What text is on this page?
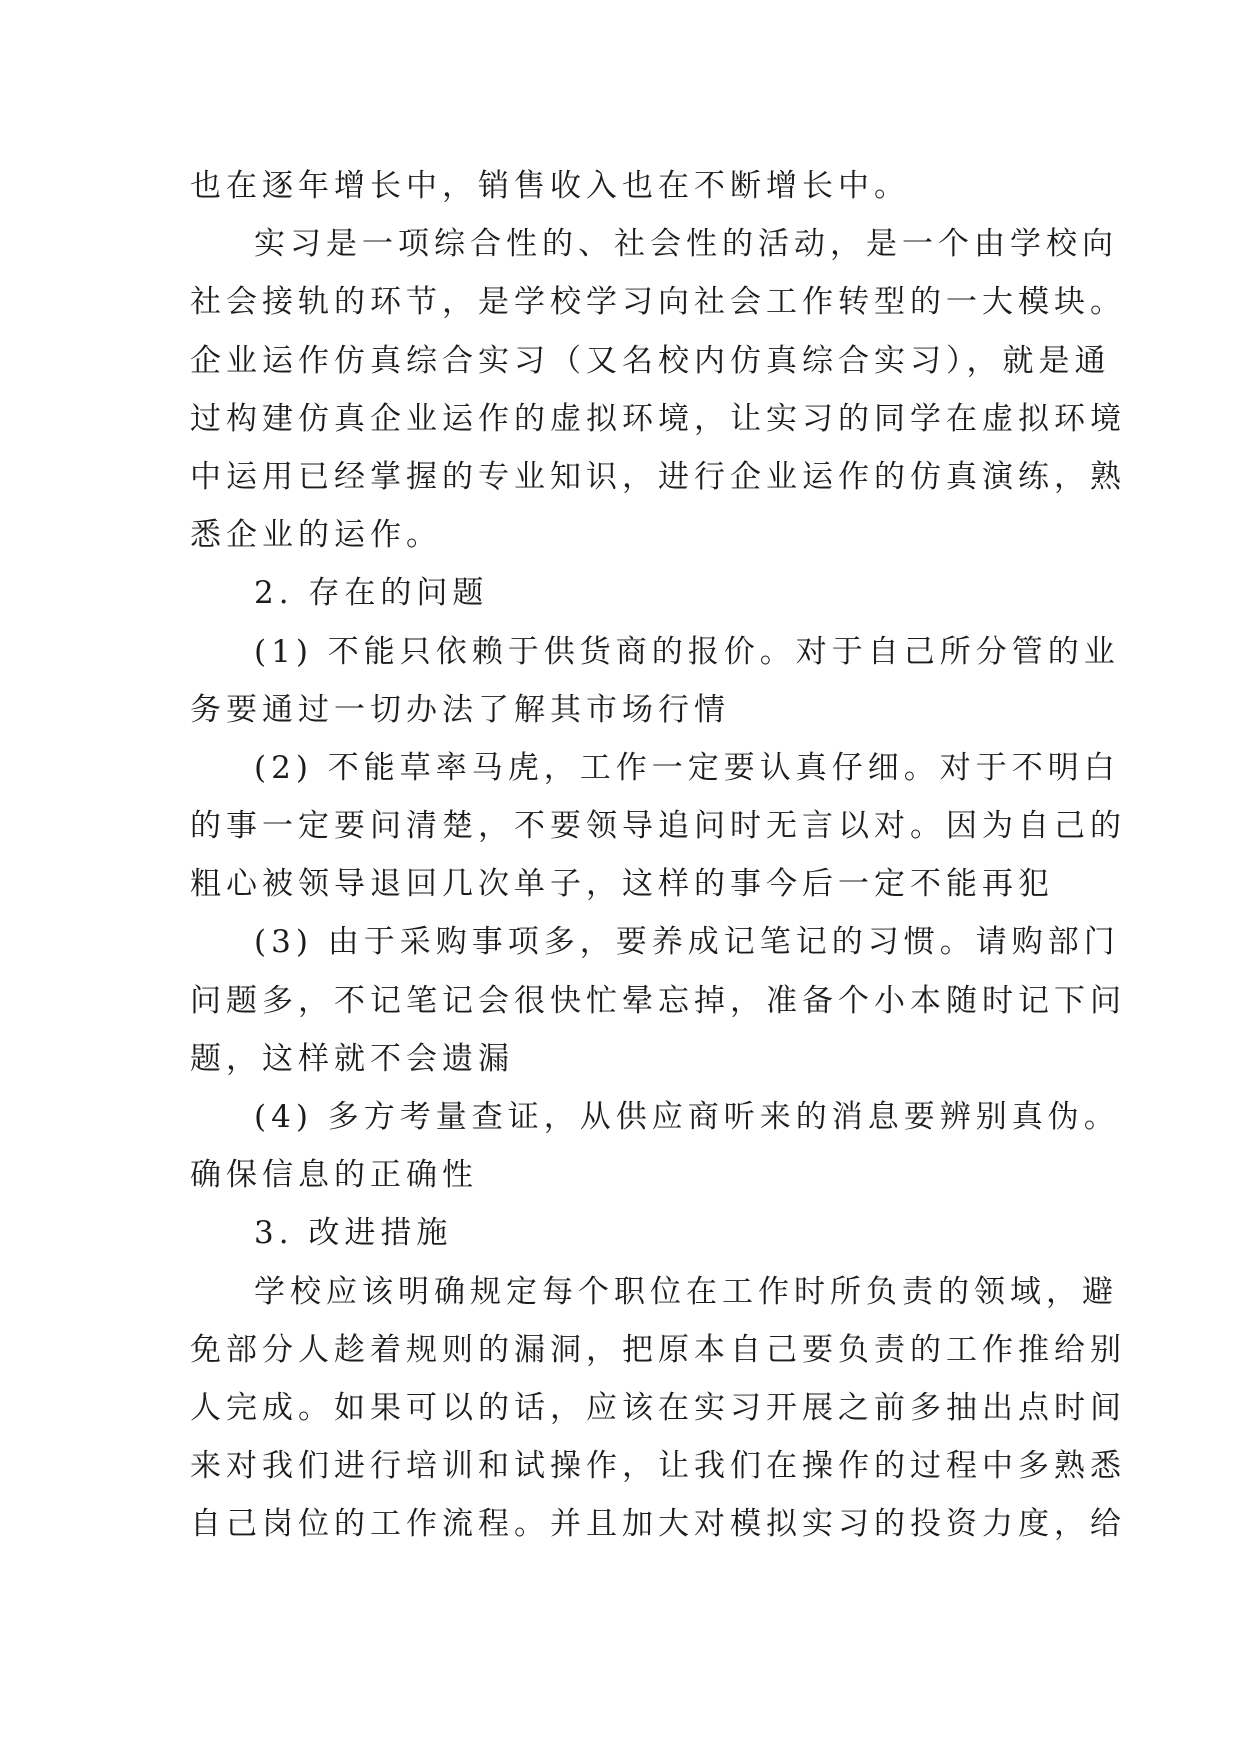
也在逐年增长中，销售收入也在不断增长中。
实习是一项综合性的、社会性的活动，是一个由学校向
社会接轨的环节，是学校学习向社会工作转型的一大模块。
企业运作仿真综合实习（又名校内仿真综合实习），就是通
过构建仿真企业运作的虚拟环境，让实习的同学在虚拟环境
中运用已经掌握的专业知识，进行企业运作的仿真演练，熟
悉企业的运作。
2. 存在的问题
(1) 不能只依赖于供货商的报价。对于自己所分管的业
务要通过一切办法了解其市场行情
(2) 不能草率马虎，工作一定要认真仔细。对于不明白
的事一定要问清楚，不要领导追问时无言以对。因为自己的
粗心被领导退回几次单子，这样的事今后一定不能再犯
(3) 由于采购事项多，要养成记笔记的习惯。请购部门
问题多，不记笔记会很快忙晕忘掉，准备个小本随时记下问
题，这样就不会遗漏
(4) 多方考量查证，从供应商听来的消息要辨别真伪。
确保信息的正确性
3. 改进措施
学校应该明确规定每个职位在工作时所负责的领域，避
免部分人趁着规则的漏洞，把原本自己要负责的工作推给别
人完成。如果可以的话，应该在实习开展之前多抽出点时间
来对我们进行培训和试操作，让我们在操作的过程中多熟悉
自己岗位的工作流程。并且加大对模拟实习的投资力度，给
